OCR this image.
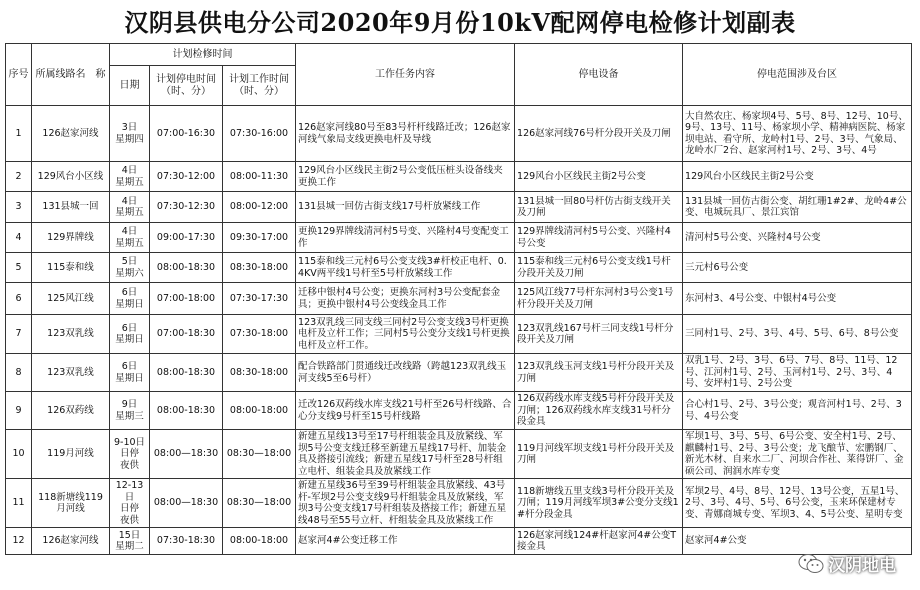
汉阴县供电分公司2020年9月份10kV配网停电检修计划副表
序号	所属线路名　称	计划检修时间			工作任务内容	停电设备	停电范围涉及台区
		日期	计划停电时间（时、分）	计划工作时间（时、分）			
1	126赵家河线	3日
星期四	07:00-16:30	07:30-16:00	126赵家河线80号至83号杆杆线路迁改；126赵家河线气象局支线更换电杆及导线	126赵家河线76号杆分段开关及刀闸	大自然农庄、杨家坝4号、5号、8号、12号、10号、9号、13号、11号、杨家坝小学、精神病医院、杨家坝电站、看守所、龙岭村1号、2号、3号、气象局、龙岭水厂2台、赵家河村1号、2号、3号、4号
2	129风台小区线	4日
星期五	07:30-12:00	08:00-11:30	129风台小区线民主街2号公变低压桩头设备线夹更换工作	129风台小区线民主街2号公变	129风台小区线民主街2号公变
3	131县城一回	4日
星期五	07:30-12:30	08:00-12:00	131县城一回仿古街支线17号杆放紧线工作	131县城一回80号杆仿古街支线开关及刀闸	131县城一回仿古街公变、胡红珊1#2#、龙岭4#公变、电城玩具厂、景江宾馆
4	129界牌线	4日
星期五	09:00-17:30	09:30-17:00	更换129界牌线清河村5号变、兴隆村4号变配变工作	129界牌线清河村5号公变、兴隆村4号公变	清河村5号公变、兴隆村4号公变
5	115泰和线	5日
星期六	08:00-18:30	08:30-18:00	115泰和线三元村6号公变支线3#杆校正电杆、0.4KV两平线1号杆至5号杆放紧线工作	115泰和线三元村6号公变支线1号杆分段开关及刀闸	三元村6号公变
6	125风江线	6日
星期日	07:00-18:00	07:30-17:30	迁移中银村4号公变；更换东河村3号公变配套金具；更换中银村4号公变线金具工作	125风江线77号杆东河村3号公变1号杆分段开关及刀闸	东河村3、4号公变、中银村4号公变
7	123双乳线	6日
星期日	07:00-18:30	07:30-18:00	123双乳线三同支线三同村2号公变支线3号杆更换电杆及立杆工作；三同村5号公变分支线1号杆更换电杆及立杆工作。	123双乳线167号杆三同支线1号杆分段开关及刀闸	三同村1号、2号、3号、4号、5号、6号、8号公变
8	123双乳线	6日
星期日	08:00-18:30	08:30-18:00	配合铁路部门贯通线迁改线路（跨越123双乳线玉河支线5至6号杆）	123双乳线玉河支线1号杆分段开关及刀闸	双乳1号、2号、3号、6号、7号、8号、11号、12号、江河村1号、2号、玉河村1号、2号、3号、4号、安坪村1号、2号公变
9	126双药线	9日
星期三	08:00-18:30	08:00-18:00	迁改126双药线水库支线21号杆至26号杆线路、合心分支线9号杆至15号杆线路	126双药线水库支线5号杆分段开关及刀闸；126双药线水库支线31号杆分段金具	合心村1号、2号、3号公变；观音河村1号、2号、3号、4号公变
10	119月河线	9-10日
日停
夜供	08:00—18:30	08:30—18:00	新建五星线13号至17号杆组装金具及放紧线、军坝5号公变支线迁移至新建五星线17号杆、加装金具及搭接引流线；新建五星线17号杆至28号杆组立电杆、组装金具及放紧线工作	119月河线军坝支线1号杆分段开关及刀闸	军坝1号、3号、5号、6号公变、安全村1号、2号、麒麟村1号、2号、3号公变；龙飞酿节、宏鹏钢厂、新光木材、自来水二厂、河坝合作社、莱得饼厂、金硕公司、润润水库专变
11	118新塘线119月河线	12-13日
日停
夜供	08:00—18:30	08:30—18:00	新建五星线36号至39号杆组装金具放紧线、43号杆-军坝2号公变支线9号杆组装金具及放紧线，军坝3号公变支线17号杆组装及搭接工作；新建五星线48号至55号立杆、杆组装金具及放紧线工作	118新塘线五里支线3号杆分段开关及刀闸；119月河线军坝3#公变分支线1#杆分段金具	军坝2号、4号、8号、12号、13号公变，五星1号、2号、3号、4号、5号、6号公变，玉来环保建材专变、青娜商城专变、军坝3、4、5号公变、星明专变
12	126赵家河线	15日
星期二	07:30-18:30	08:00-18:00	赵家河4#公变迁移工作	126赵家河线124#杆赵家河4#公变T接金具	赵家河4#公变
汉阴地电
